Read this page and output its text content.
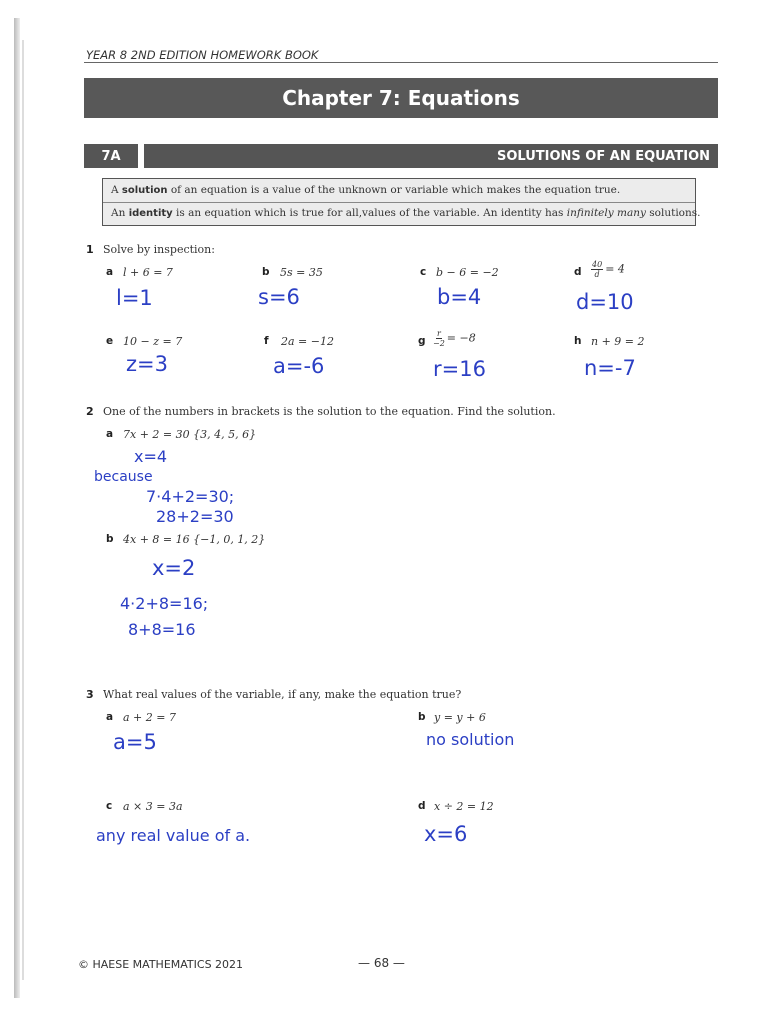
YEAR 8 2ND EDITION HOMEWORK BOOK
Chapter 7: Equations
7A	SOLUTIONS OF AN EQUATION
A solution of an equation is a value of the unknown or variable which makes the equation true.
An identity is an equation which is true for all,values of the variable. An identity has infinitely many solutions.
1 Solve by inspection:
a l + 6 = 7
l=1
b 5s = 35
s=6
c b − 6 = −2
b=4
d $\frac{40}{d} = 4$
d=10
e 10 − z = 7
z=3
f 2a = −12
a=-6
g $\frac{r}{-2} = -8$
r=16
h n + 9 = 2
n=-7
2 One of the numbers in brackets is the solution to the equation. Find the solution.
a 7x + 2 = 30 {3, 4, 5, 6}
x=4
because
7·4+2=30;
28+2=30
b 4x + 8 = 16 {−1, 0, 1, 2}
x=2
4·2+8=16;
8+8=16
3 What real values of the variable, if any, make the equation true?
a a + 2 = 7
a=5
b y = y + 6
no solution
c a × 3 = 3a
any real value of a.
d x ÷ 2 = 12
x=6
© HAESE MATHEMATICS 2021	— 68 —
